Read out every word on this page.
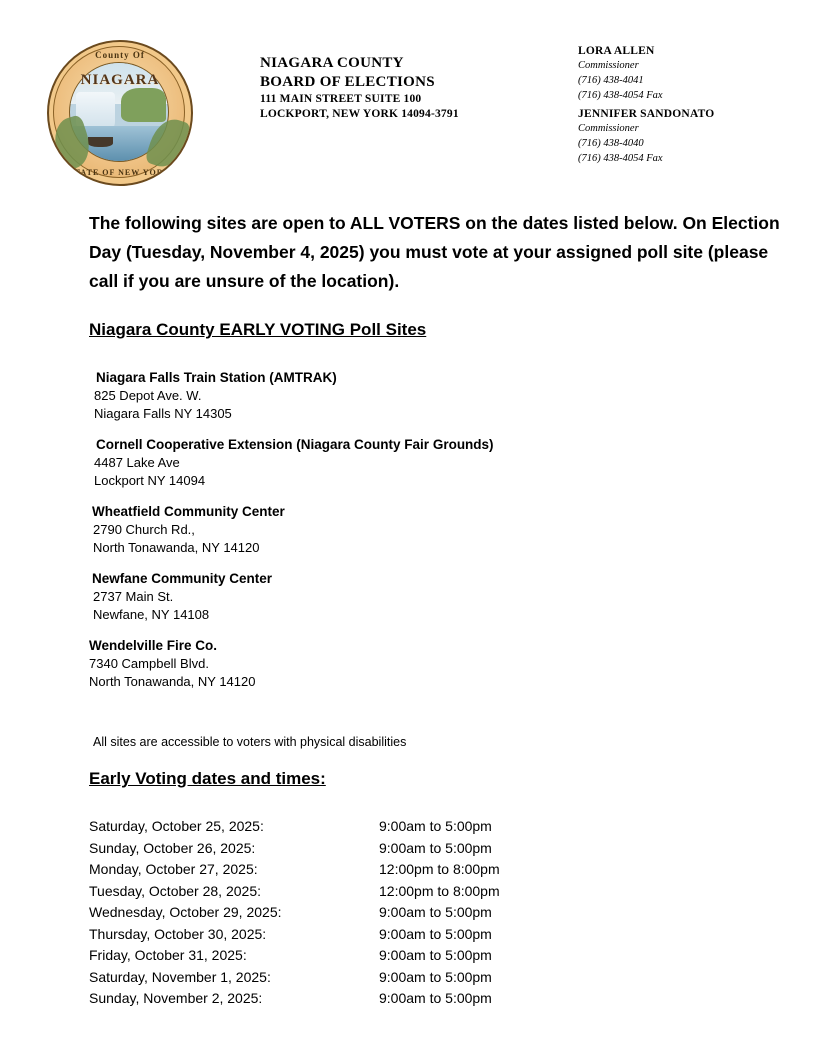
County Of
NIAGARA
STATE OF NEW YORK
NIAGARA COUNTY
BOARD OF ELECTIONS
111 MAIN STREET SUITE 100
LOCKPORT, NEW YORK 14094-3791
LORA ALLEN
Commissioner
(716) 438-4041
(716) 438-4054 Fax
JENNIFER SANDONATO
Commissioner
(716) 438-4040
(716) 438-4054 Fax
The following sites are open to ALL VOTERS on the dates listed below. On Election Day (Tuesday, November 4, 2025) you must vote at your assigned poll site (please call if you are unsure of the location).
Niagara County EARLY VOTING Poll Sites
Niagara Falls Train Station (AMTRAK)
825 Depot Ave. W.
Niagara Falls NY 14305
Cornell Cooperative Extension (Niagara County Fair Grounds)
4487 Lake Ave
Lockport NY 14094
Wheatfield Community Center
2790 Church Rd.,
North Tonawanda, NY 14120
Newfane Community Center
2737 Main St.
Newfane, NY 14108
Wendelville Fire Co.
7340 Campbell Blvd.
North Tonawanda, NY 14120
All sites are accessible to voters with physical disabilities
Early Voting dates and times:
Saturday, October 25, 2025:	9:00am to 5:00pm
Sunday, October 26, 2025:	9:00am to 5:00pm
Monday, October 27, 2025:	12:00pm to 8:00pm
Tuesday, October 28, 2025:	12:00pm to 8:00pm
Wednesday, October 29, 2025:	9:00am to 5:00pm
Thursday, October 30, 2025:	9:00am to 5:00pm
Friday, October 31, 2025:	9:00am to 5:00pm
Saturday, November 1, 2025:	9:00am to 5:00pm
Sunday, November 2, 2025:	9:00am to 5:00pm
